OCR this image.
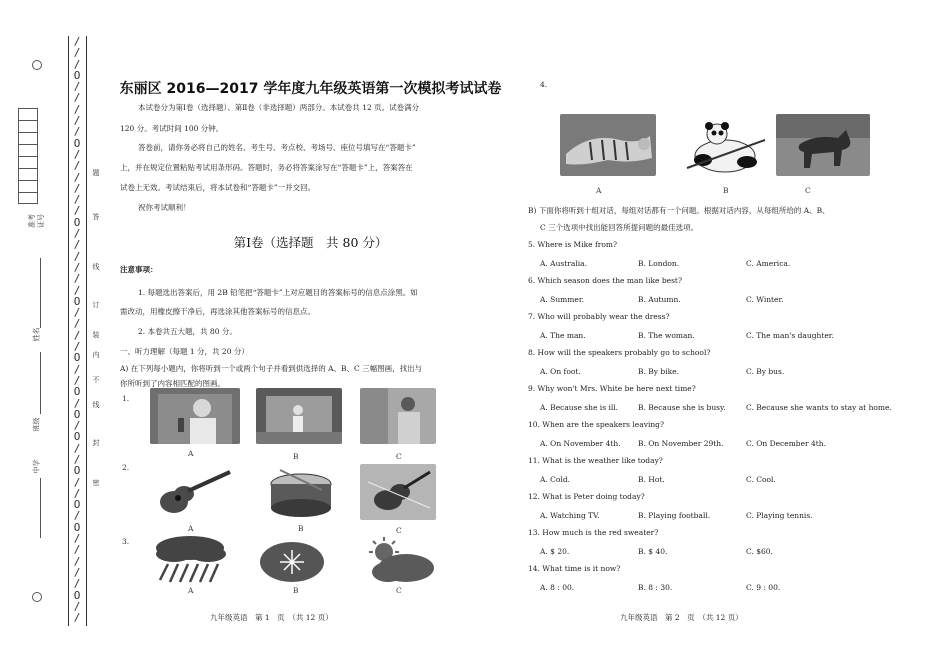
准考证号
姓名
班级
中学
/
/
/
O
/
/
/
/
/
O
/
/
/
/
/
/
O
/
/
/
/
/
/
O
/
/
/
/
O
/
/
O
/
O
/
O
/
/
O
/
/
O
/
O
/
/
/
/
/
O
/
/
题
答
线
订
装
内
不
线
封
密
东丽区 2016—2017 学年度九年级英语第一次模拟考试试卷
本试卷分为第Ⅰ卷（选择题）、第Ⅱ卷（非选择题）两部分。本试卷共 12 页。试卷满分
120 分。考试时间 100 分钟。
答卷前，请你务必将自己的姓名、考生号、考点校、考场号、座位号填写在“答题卡”
上，并在规定位置粘贴考试用条形码。答题时，务必将答案涂写在“答题卡”上，答案答在
试卷上无效。考试结束后，将本试卷和“答题卡”一并交回。
祝你考试顺利！
第Ⅰ卷（选择题　共 80 分）
注意事项：
1. 每题选出答案后，用 2B 铅笔把“答题卡”上对应题目的答案标号的信息点涂黑。如
需改动，用橡皮擦干净后，再选涂其他答案标号的信息点。
2. 本卷共五大题，共 80 分。
一、听力理解（每题 1 分，共 20 分）
A) 在下列每小题内，你将听到一个或两个句子并看到供选择的 A、B、C 三幅图画，找出与
你所听到了内容相匹配的图画。
1.
A	B	C
2.
A	B	C
3.
A	B	C
九年级英语　第 1　页　（共 12 页）
4.
A	B	C
B) 下面你将听到十组对话，每组对话都有一个问题。根据对话内容，从每组所给的 A、B、
C 三个选项中找出能回答所提问题的最佳选项。
5. Where is Mike from?
A. Australia.	B. London.	C. America.
6. Which season does the man like best?
A. Summer.	B. Autumn.	C. Winter.
7. Who will probably wear the dress?
A. The man.	B. The woman.	C. The man's daughter.
8. How will the speakers probably go to school?
A. On foot.	B. By bike.	C. By bus.
9. Why won't Mrs. White be here next time?
A. Because she is ill.	B. Because she is busy.	C. Because she wants to stay at home.
10. When are the speakers leaving?
A. On November 4th. B. On November 29th.	C. On December 4th.
11. What is the weather like today?
A. Cold.	B. Hot.	C. Cool.
12. What is Peter doing today?
A. Watching TV.	B. Playing football.	C. Playing tennis.
13. How much is the red sweater?
A. $ 20.	B. $ 40.	C. $60.
14. What time is it now?
A. 8 : 00.	B. 8 : 30.	C. 9 : 00.
九年级英语　第 2　页　（共 12 页）
